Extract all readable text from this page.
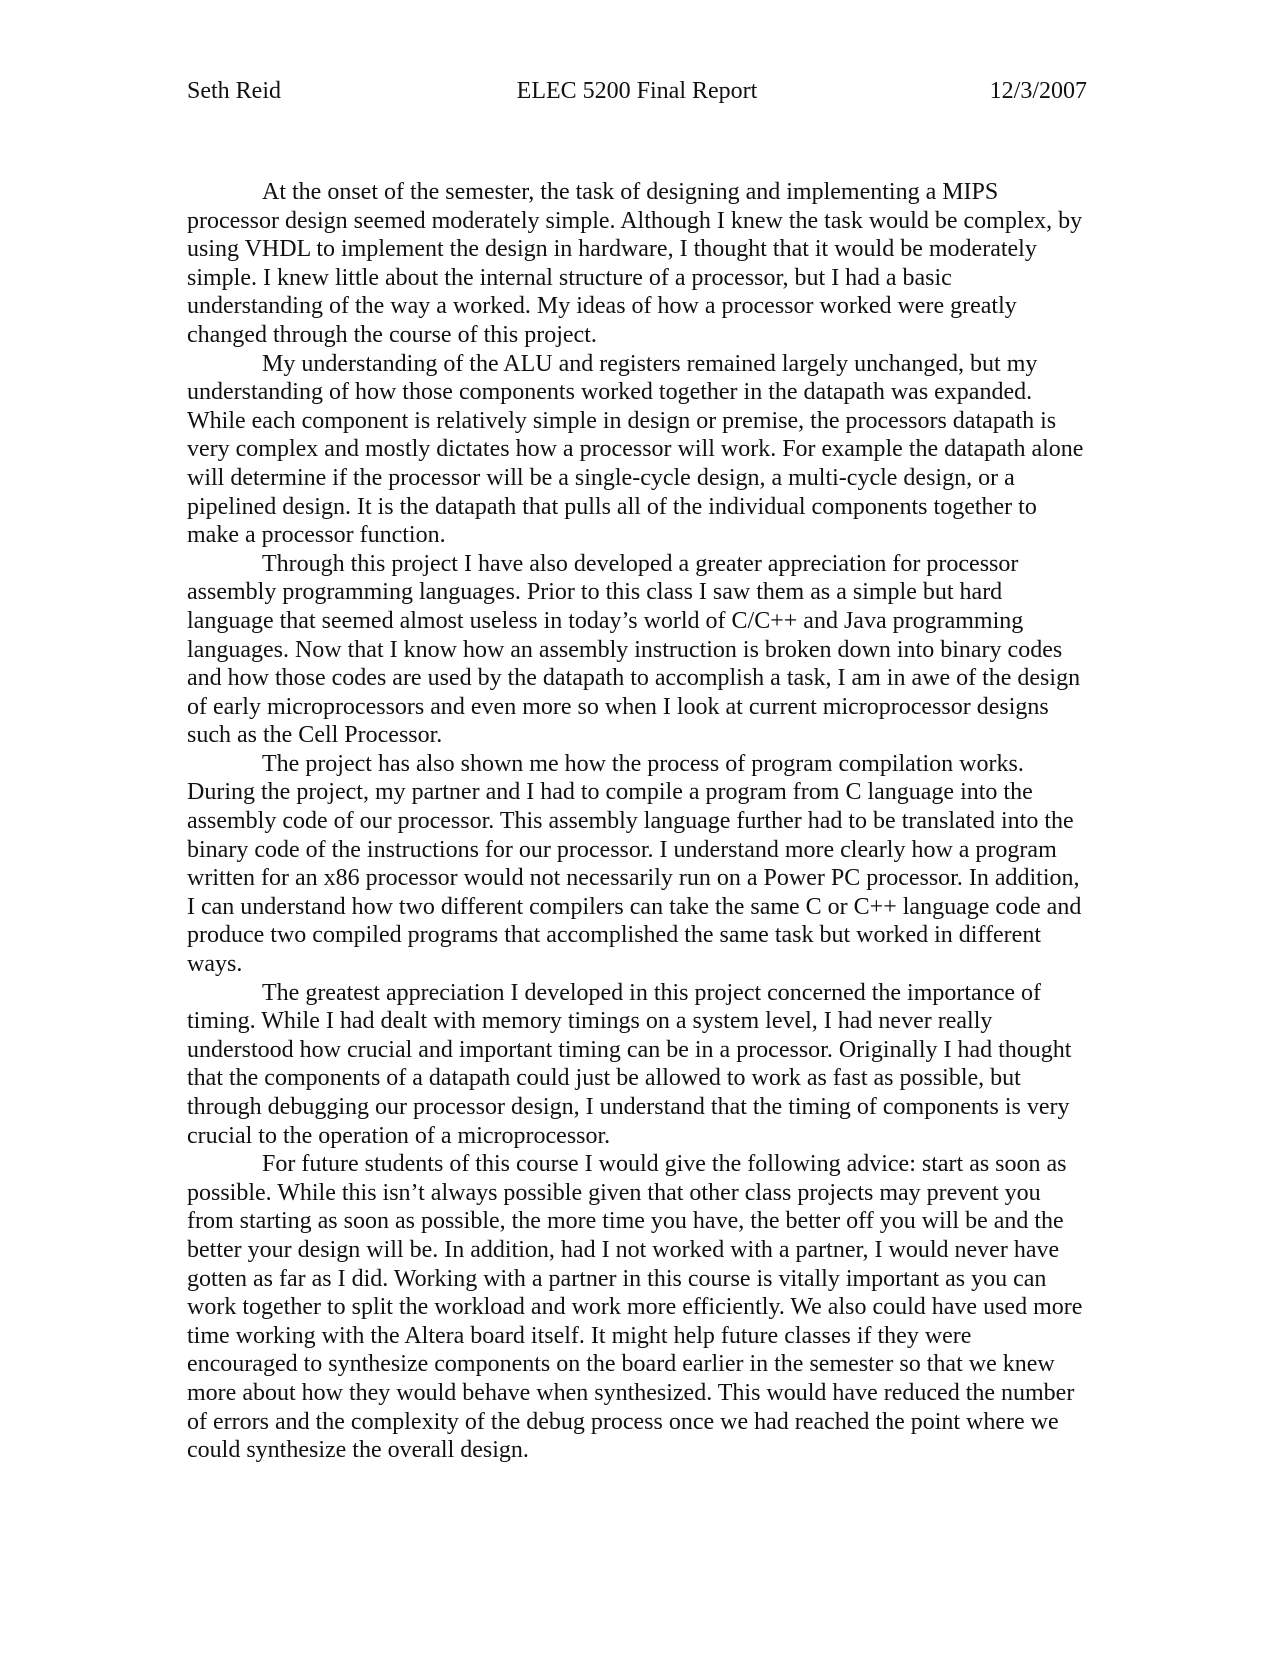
ELEC 5200 Final Report
Seth Reid	12/3/2007

At the onset of the semester, the task of designing and implementing a MIPS processor design seemed moderately simple. Although I knew the task would be complex, by using VHDL to implement the design in hardware, I thought that it would be moderately simple. I knew little about the internal structure of a processor, but I had a basic understanding of the way a worked. My ideas of how a processor worked were greatly changed through the course of this project.

My understanding of the ALU and registers remained largely unchanged, but my understanding of how those components worked together in the datapath was expanded. While each component is relatively simple in design or premise, the processors datapath is very complex and mostly dictates how a processor will work. For example the datapath alone will determine if the processor will be a single-cycle design, a multi-cycle design, or a pipelined design. It is the datapath that pulls all of the individual components together to make a processor function.

Through this project I have also developed a greater appreciation for processor assembly programming languages. Prior to this class I saw them as a simple but hard language that seemed almost useless in today’s world of C/C++ and Java programming languages. Now that I know how an assembly instruction is broken down into binary codes and how those codes are used by the datapath to accomplish a task, I am in awe of the design of early microprocessors and even more so when I look at current microprocessor designs such as the Cell Processor.

The project has also shown me how the process of program compilation works. During the project, my partner and I had to compile a program from C language into the assembly code of our processor. This assembly language further had to be translated into the binary code of the instructions for our processor. I understand more clearly how a program written for an x86 processor would not necessarily run on a Power PC processor. In addition, I can understand how two different compilers can take the same C or C++ language code and produce two compiled programs that accomplished the same task but worked in different ways.

The greatest appreciation I developed in this project concerned the importance of timing. While I had dealt with memory timings on a system level, I had never really understood how crucial and important timing can be in a processor. Originally I had thought that the components of a datapath could just be allowed to work as fast as possible, but through debugging our processor design, I understand that the timing of components is very crucial to the operation of a microprocessor.

For future students of this course I would give the following advice: start as soon as possible. While this isn’t always possible given that other class projects may prevent you from starting as soon as possible, the more time you have, the better off you will be and the better your design will be. In addition, had I not worked with a partner, I would never have gotten as far as I did. Working with a partner in this course is vitally important as you can work together to split the workload and work more efficiently. We also could have used more time working with the Altera board itself. It might help future classes if they were encouraged to synthesize components on the board earlier in the semester so that we knew more about how they would behave when synthesized. This would have reduced the number of errors and the complexity of the debug process once we had reached the point where we could synthesize the overall design.
